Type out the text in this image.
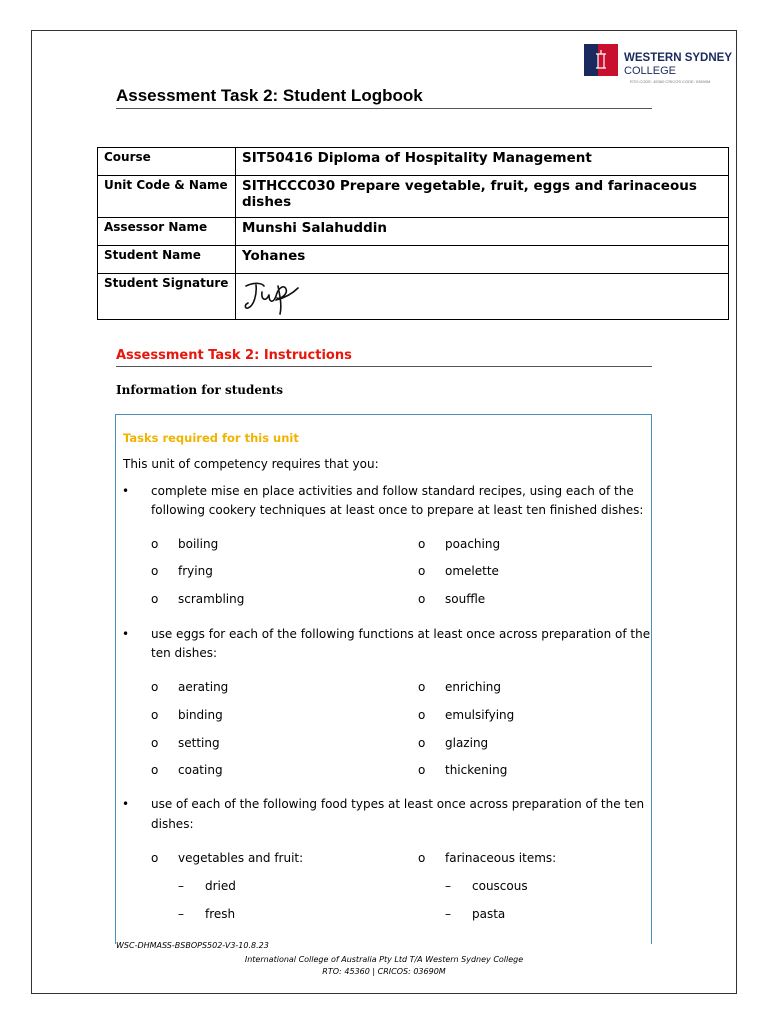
WESTERN SYDNEY
COLLEGE
RTO CODE: 45360 CRICOS CODE: 03690M
Assessment Task 2: Student Logbook
Course	SIT50416 Diploma of Hospitality Management
Unit Code & Name	SITHCCC030 Prepare vegetable, fruit, eggs and farinaceous dishes
Assessor Name	Munshi Salahuddin
Student Name	Yohanes
Student Signature	
Assessment Task 2: Instructions
Information for students
Tasks required for this unit
This unit of competency requires that you:
• complete mise en place activities and follow standard recipes, using each of the
following cookery techniques at least once to prepare at least ten finished dishes:
o boiling	o poaching
o frying	o omelette
o scrambling	o souffle
• use eggs for each of the following functions at least once across preparation of the
ten dishes:
o aerating	o enriching
o binding	o emulsifying
o setting	o glazing
o coating	o thickening
• use of each of the following food types at least once across preparation of the ten
dishes:
o vegetables and fruit:	o farinaceous items:
– dried	– couscous
– fresh	– pasta
WSC-DHMASS-BSBOPS502-V3-10.8.23
International College of Australia Pty Ltd T/A Western Sydney College
RTO: 45360 | CRICOS: 03690M
